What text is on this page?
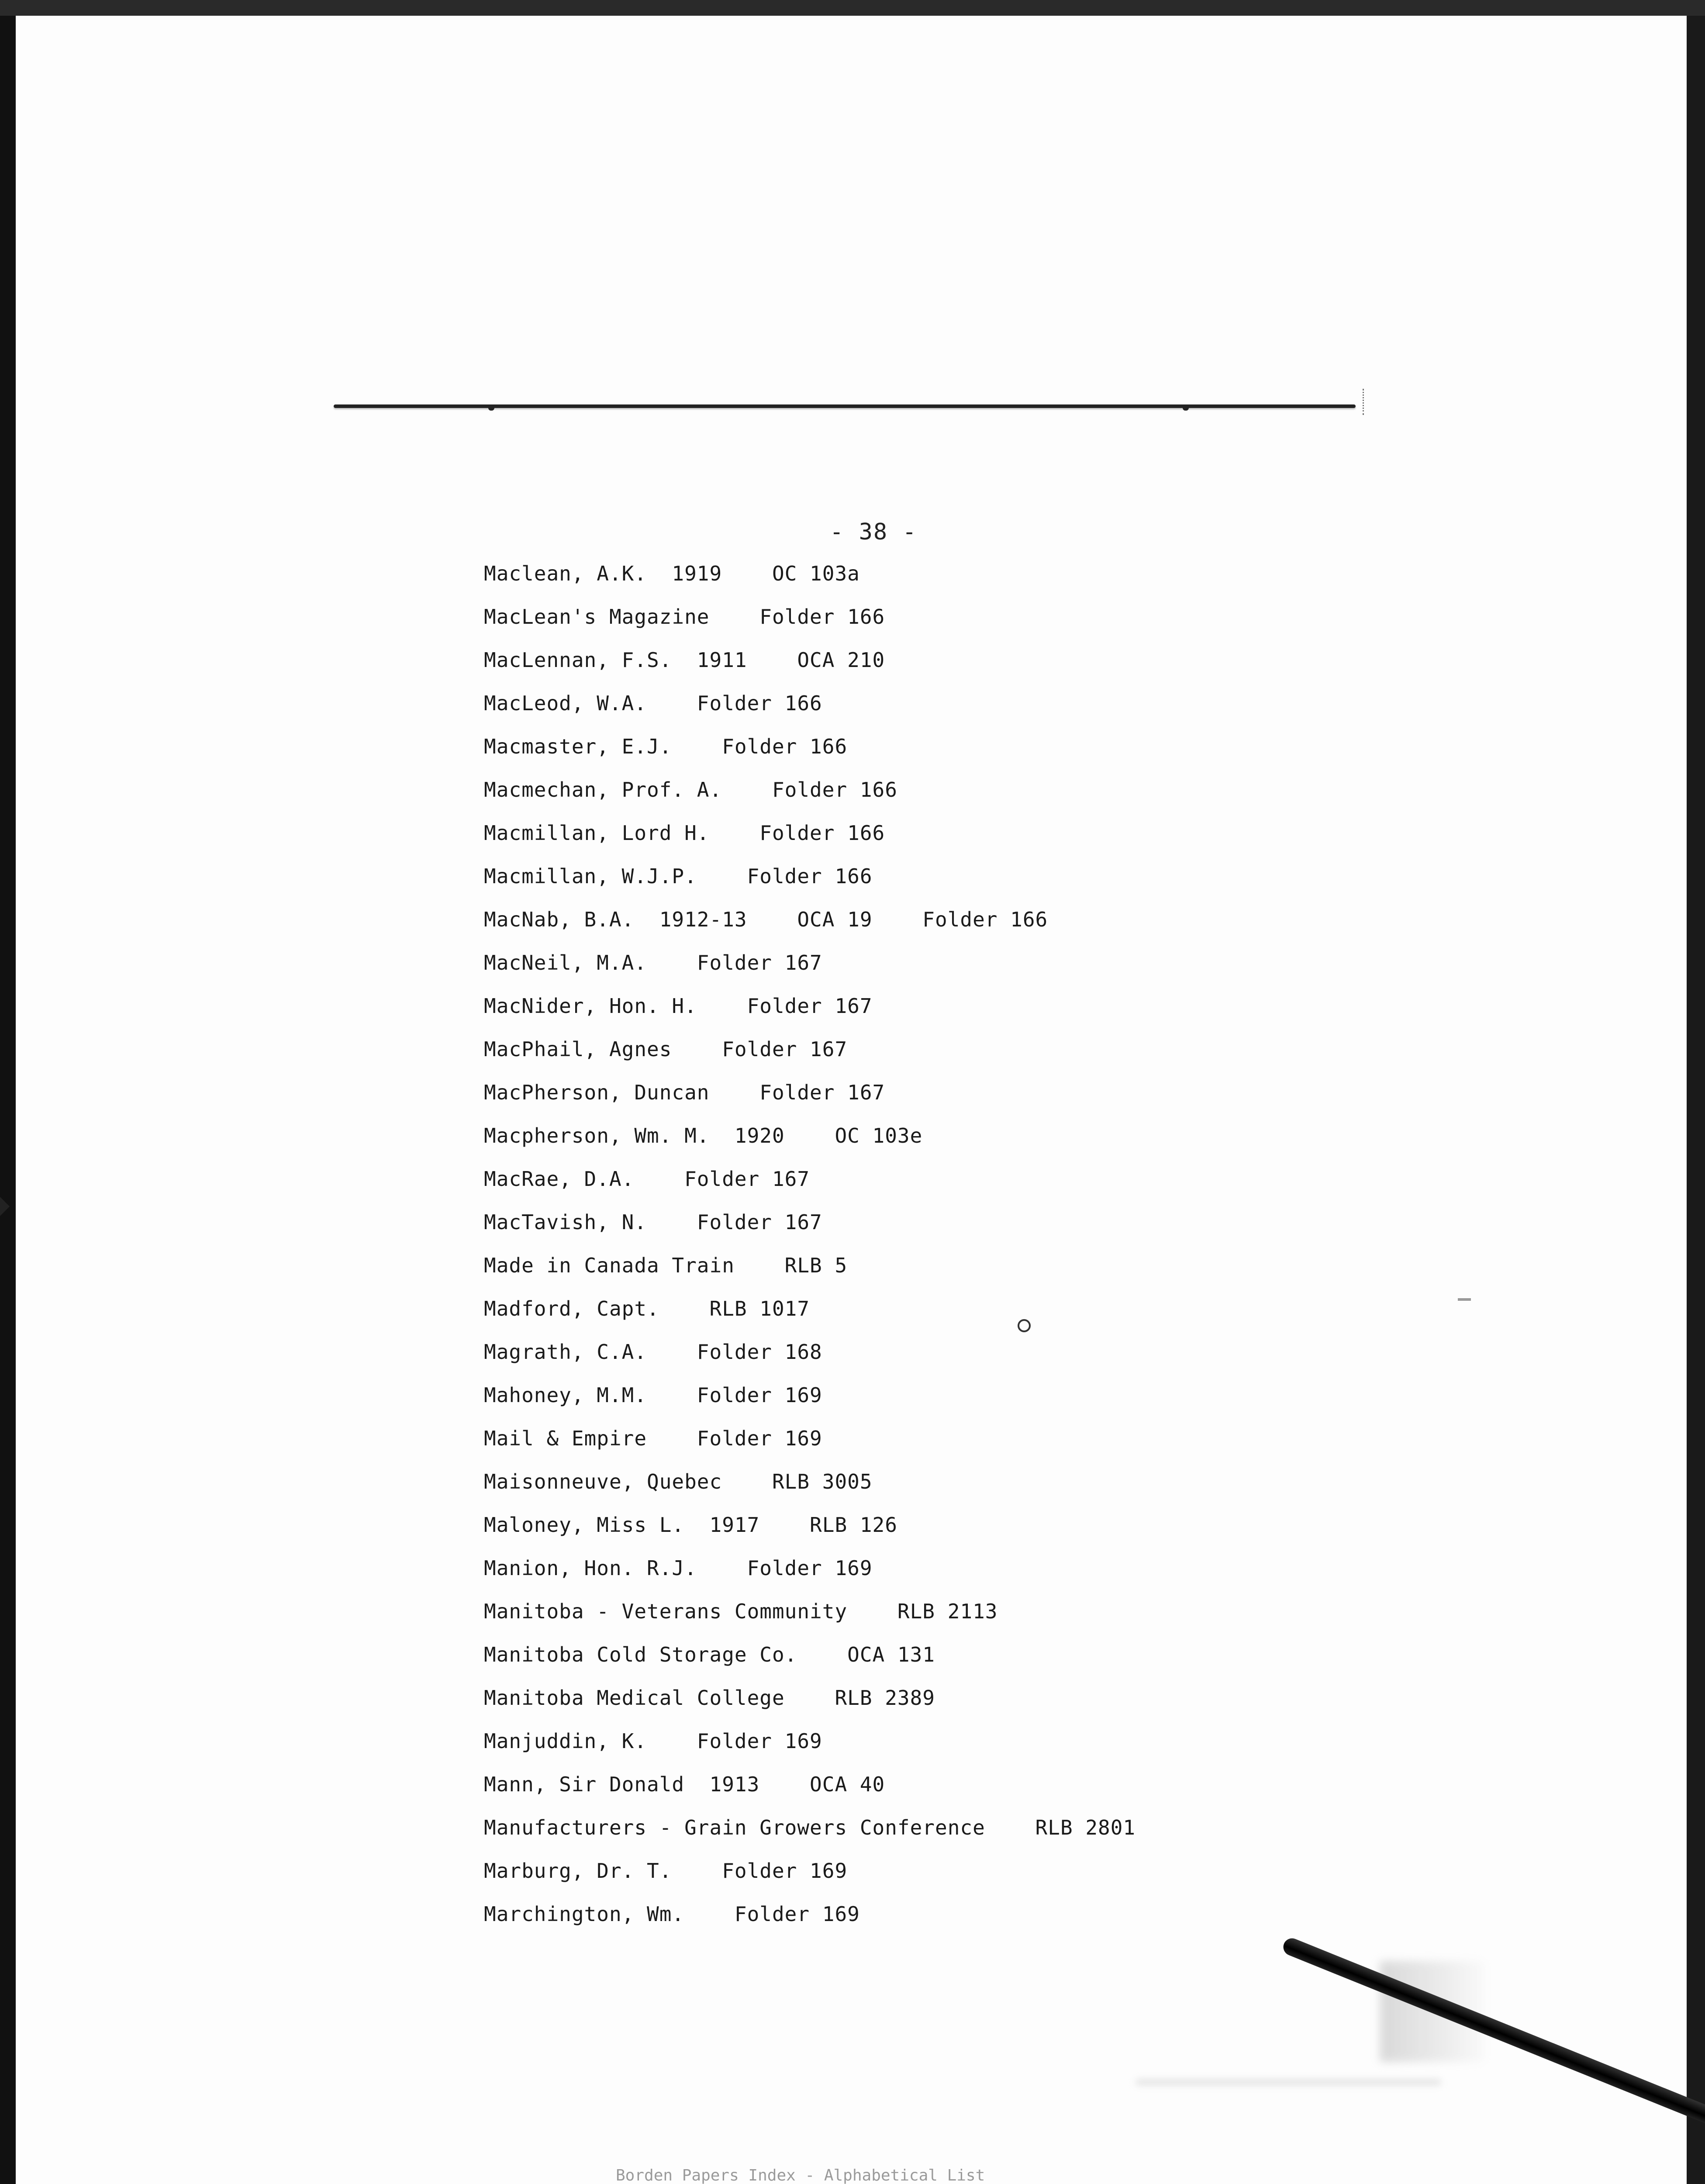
- 38 -
Maclean, A.K.  1919    OC 103a
MacLean's Magazine    Folder 166
MacLennan, F.S.  1911    OCA 210
MacLeod, W.A.    Folder 166
Macmaster, E.J.    Folder 166
Macmechan, Prof. A.    Folder 166
Macmillan, Lord H.    Folder 166
Macmillan, W.J.P.    Folder 166
MacNab, B.A.  1912-13    OCA 19    Folder 166
MacNeil, M.A.    Folder 167
MacNider, Hon. H.    Folder 167
MacPhail, Agnes    Folder 167
MacPherson, Duncan    Folder 167
Macpherson, Wm. M.  1920    OC 103e
MacRae, D.A.    Folder 167
MacTavish, N.    Folder 167
Made in Canada Train    RLB 5
Madford, Capt.    RLB 1017
Magrath, C.A.    Folder 168
Mahoney, M.M.    Folder 169
Mail & Empire    Folder 169
Maisonneuve, Quebec    RLB 3005
Maloney, Miss L.  1917    RLB 126
Manion, Hon. R.J.    Folder 169
Manitoba - Veterans Community    RLB 2113
Manitoba Cold Storage Co.    OCA 131
Manitoba Medical College    RLB 2389
Manjuddin, K.    Folder 169
Mann, Sir Donald  1913    OCA 40
Manufacturers - Grain Growers Conference    RLB 2801
Marburg, Dr. T.    Folder 169
Marchington, Wm.    Folder 169
Borden Papers Index - Alphabetical List
